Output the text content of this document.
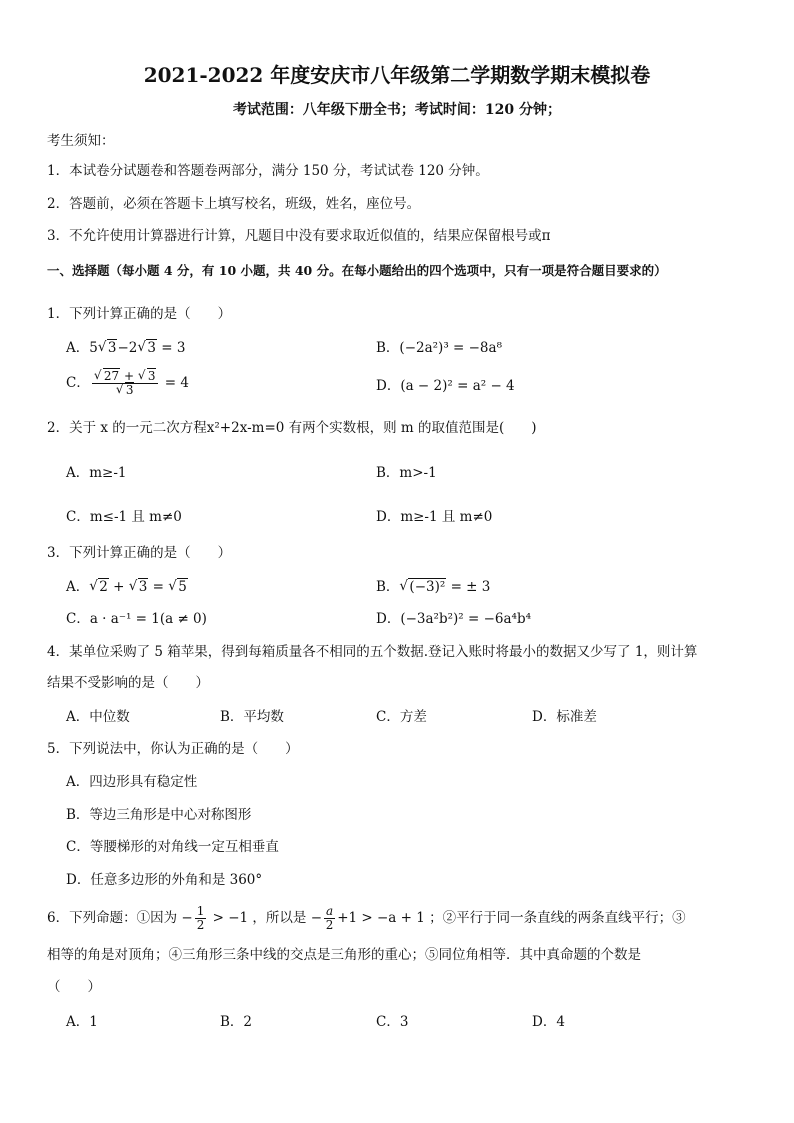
2021-2022 年度安庆市八年级第二学期数学期末模拟卷
考试范围：八年级下册全书；考试时间：120 分钟；
考生须知：
1．本试卷分试题卷和答题卷两部分，满分 150 分，考试试卷 120 分钟。
2．答题前，必须在答题卡上填写校名，班级，姓名，座位号。
3．不允许使用计算器进行计算，凡题目中没有要求取近似值的，结果应保留根号或π
一、选择题（每小题 4 分，有 10 小题，共 40 分。在每小题给出的四个选项中，只有一项是符合题目要求的）
1．下列计算正确的是（　　）
A．5 √ 3−2 √ 3 = 3	B．(−2a²)³ = −8a⁸
C． √ 27 + √ 3
√ 3 = 4	D．(a − 2)² = a² − 4
2．关于 x 的一元二次方程x²+2x-m=0 有两个实数根，则 m 的取值范围是(　　)
A．m≥-1	B．m>-1
C．m≤-1 且 m≠0	D．m≥-1 且 m≠0
3．下列计算正确的是（　　）
A． √ 2 + √ 3 = √ 5	B． √ (−3)² = ± 3
C．a · a⁻¹ = 1(a ≠ 0)	D．(−3a²b²)² = −6a⁴b⁴
4．某单位采购了 5 箱苹果，得到每箱质量各不相同的五个数据.登记入账时将最小的数据又少写了 1，则计算
结果不受影响的是（　　）
A．中位数	B．平均数	C．方差	D．标准差
5．下列说法中，你认为正确的是（　　）
A．四边形具有稳定性
B．等边三角形是中心对称图形
C．等腰梯形的对角线一定互相垂直
D．任意多边形的外角和是 360°
6．下列命题：①因为 − $\frac{1}{2} > -1$ ，所以是 − $\frac{a}{2} +1 > -a + 1$ ；②平行于同一条直线的两条直线平行；③
相等的角是对顶角；④三角形三条中线的交点是三角形的重心；⑤同位角相等．其中真命题的个数是
（　　）
A．1	B．2	C．3	D．4
